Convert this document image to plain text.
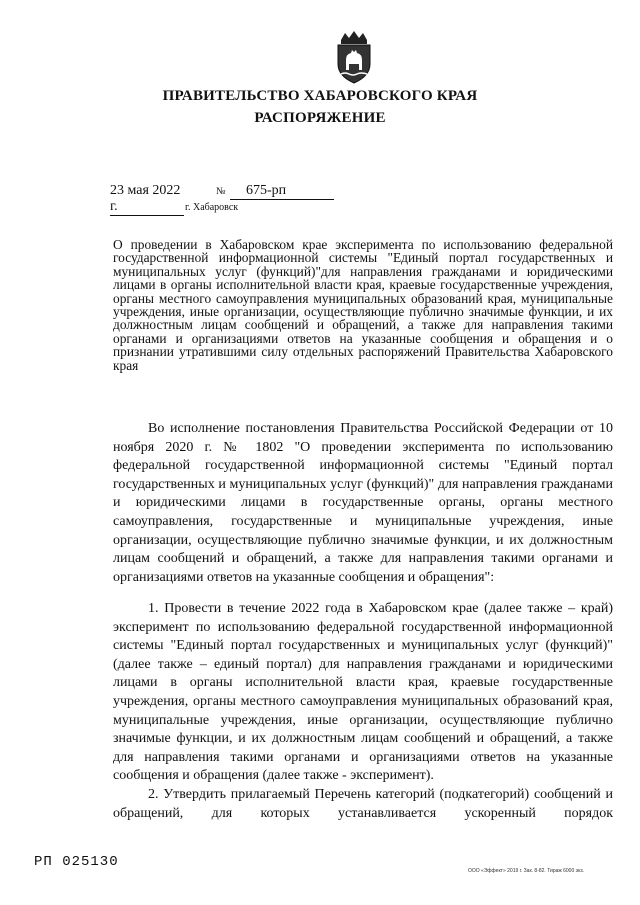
ПРАВИТЕЛЬСТВО ХАБАРОВСКОГО КРАЯ
РАСПОРЯЖЕНИЕ
23 мая 2022 г.
№	675-рп
г. Хабаровск
О проведении в Хабаровском крае эксперимента по использованию федеральной государственной информационной системы "Единый портал государственных и муниципальных услуг (функций)"для направления гражданами и юридическими лицами в органы исполнительной власти края, краевые государственные учреждения, органы местного самоуправления муниципальных образований края, муниципальные учреждения, иные организации, осуществляющие публично значимые функции, и их должностным лицам сообщений и обращений, а также для направления такими органами и организациями ответов на указанные сообщения и обращения и о признании утратившими силу отдельных распоряжений Правительства Хабаровского края
Во исполнение постановления Правительства Российской Федерации от 10 ноября 2020 г. № 1802 "О проведении эксперимента по использованию федеральной государственной информационной системы "Единый портал государственных и муниципальных услуг (функций)" для направления гражданами и юридическими лицами в государственные органы, органы местного самоуправления, государственные и муниципальные учреждения, иные организации, осуществляющие публично значимые функции, и их должностным лицам сообщений и обращений, а также для направления такими органами и организациями ответов на указанные сообщения и обращения":
1. Провести в течение 2022 года в Хабаровском крае (далее также – край) эксперимент по использованию федеральной государственной информационной системы "Единый портал государственных и муниципальных услуг (функций)" (далее также – единый портал) для направления гражданами и юридическими лицами в органы исполнительной власти края, краевые государственные учреждения, органы местного самоуправления муниципальных образований края, муниципальные учреждения, иные организации, осуществляющие публично значимые функции, и их должностным лицам сообщений и обращений, а также для направления такими органами и организациями ответов на указанные сообщения и обращения (далее также - эксперимент).
2. Утвердить прилагаемый Перечень категорий (подкатегорий) сообщений и обращений, для которых устанавливается ускоренный порядок
РП 025130
ООО «Эффект» 2019 г. Зак. 8-82. Тираж 6000 экз.
